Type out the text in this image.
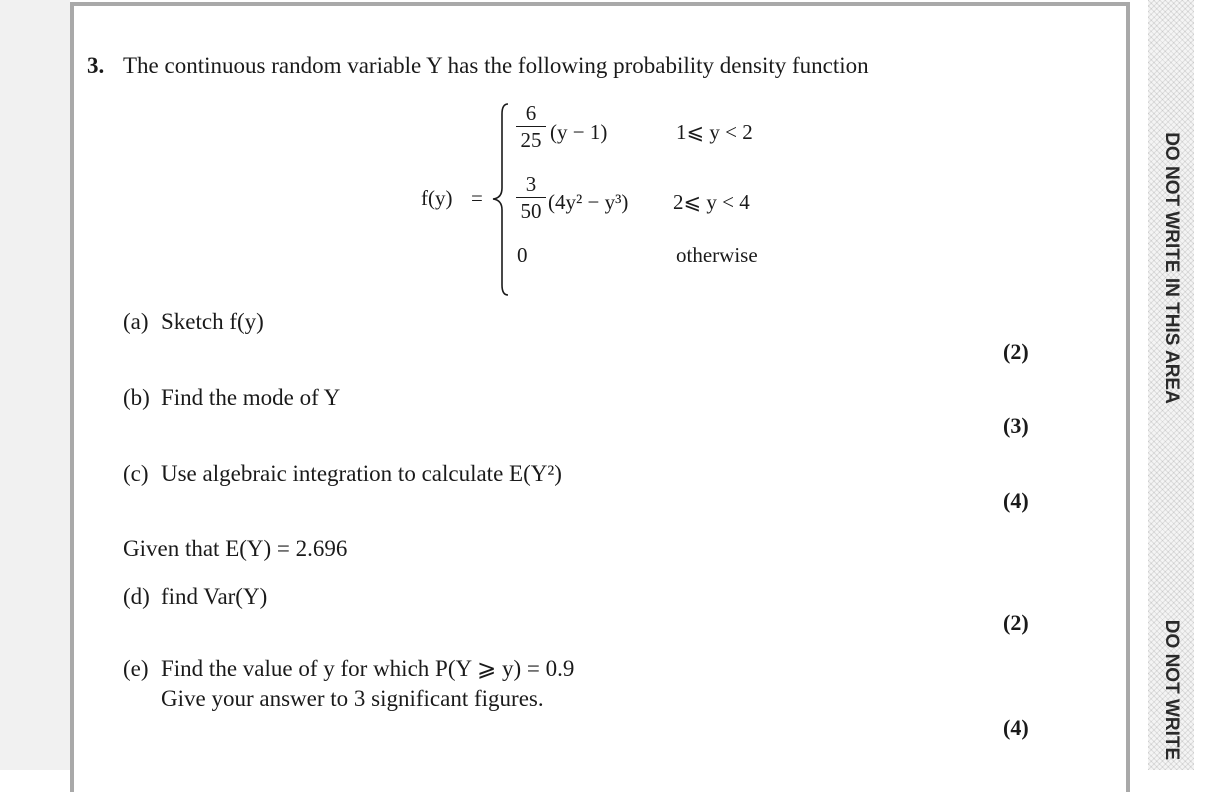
DO NOT WRITE IN THIS AREA
DO NOT WRITE
3. The continuous random variable Y has the following probability density function
f(y) =
6
25 (y − 1)	1⩽ y < 2
3
50 (4y² − y³) 2⩽ y < 4
0	otherwise
(a) Sketch f(y)
(2)
(b) Find the mode of Y
(3)
(c) Use algebraic integration to calculate E(Y²)
(4)
Given that E(Y) = 2.696
(d) find Var(Y)
(2)
(e) Find the value of y for which P(Y ⩾ y) = 0.9
Give your answer to 3 significant figures.
(4)
